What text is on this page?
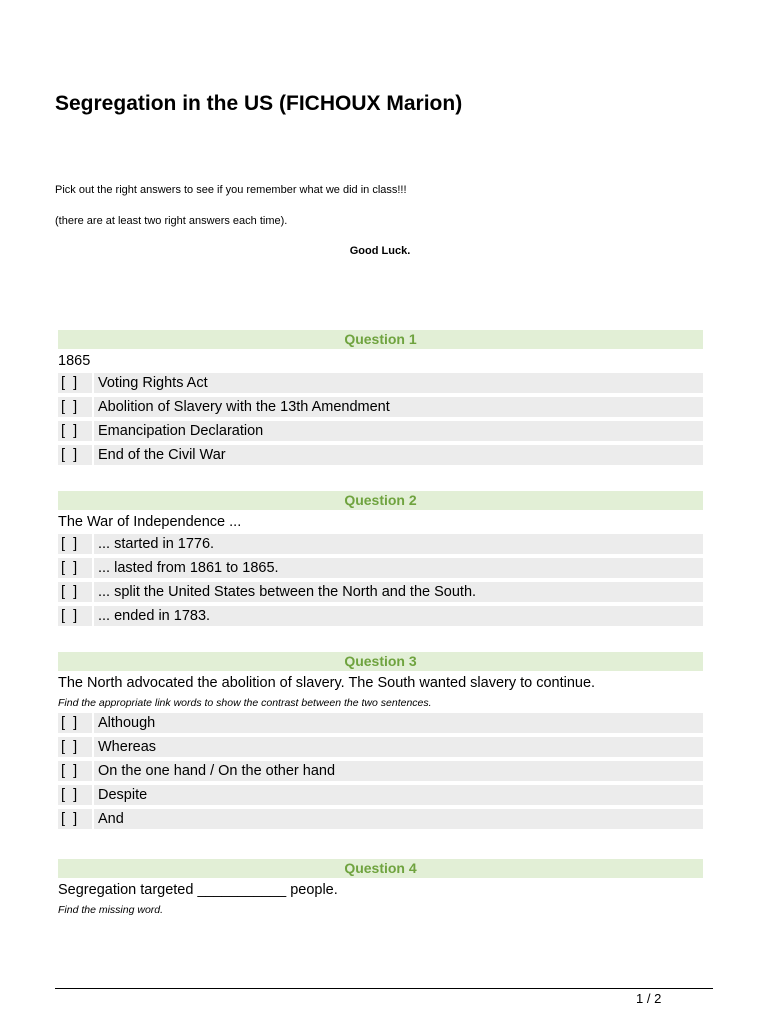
Segregation in the US (FICHOUX Marion)
Pick out the right answers to see if you remember what we did in class!!!
(there are at least two right answers each time).
Good Luck.
Question 1
1865
[  ]	Voting Rights Act
[  ]	Abolition of Slavery with the 13th Amendment
[  ]	Emancipation Declaration
[  ]	End of the Civil War
Question 2
The War of Independence ...
[  ]	... started in 1776.
[  ]	... lasted from 1861 to 1865.
[  ]	... split the United States between the North and the South.
[  ]	... ended in 1783.
Question 3
The North advocated the abolition of slavery. The South wanted slavery to continue.
Find the appropriate link words to show the contrast between the two sentences.
[  ]	Although
[  ]	Whereas
[  ]	On the one hand / On the other hand
[  ]	Despite
[  ]	And
Question 4
Segregation targeted ___________ people.
Find the missing word.
1 / 2
